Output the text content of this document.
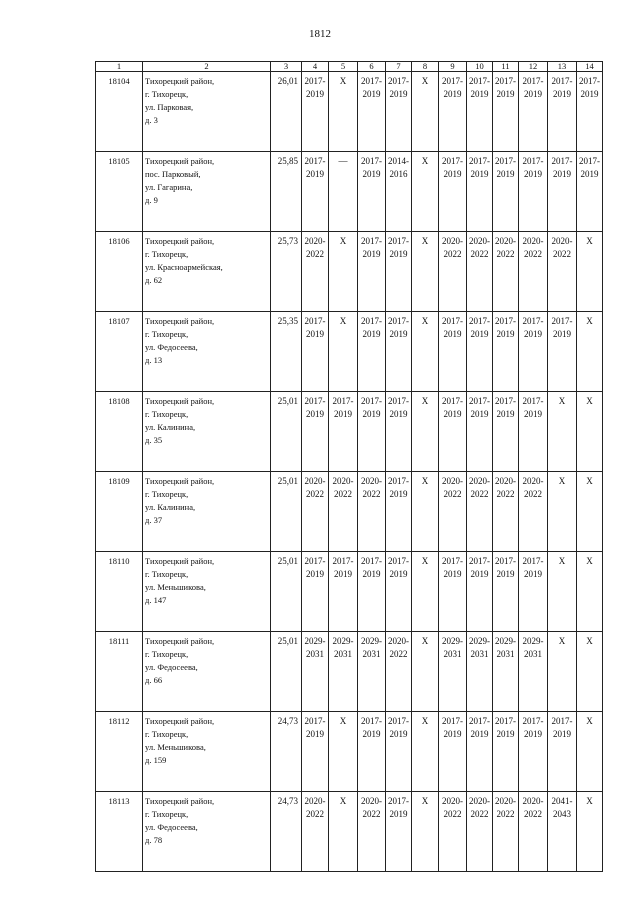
1812
1	2	3	4	5	6	7	8	9	10	11	12	13	14
18104	Тихорецкий район,
г. Тихорецк,
ул. Парковая,
д. 3	26,01	2017-
2019	X	2017-
2019	2017-
2019	X	2017-
2019	2017-
2019	2017-
2019	2017-
2019	2017-
2019	2017-
2019

18105	Тихорецкий район,
пос. Парковый,
ул. Гагарина,
д. 9	25,85	2017-
2019	—	2017-
2019	2014-
2016	X	2017-
2019	2017-
2019	2017-
2019	2017-
2019	2017-
2019	2017-
2019

18106	Тихорецкий район,
г. Тихорецк,
ул. Красноармейская,
д. 62	25,73	2020-
2022	X	2017-
2019	2017-
2019	X	2020-
2022	2020-
2022	2020-
2022	2020-
2022	2020-
2022	X
18107	Тихорецкий район,
г. Тихорецк,
ул. Федосеева,
д. 13	25,35	2017-
2019	X	2017-
2019	2017-
2019	X	2017-
2019	2017-
2019	2017-
2019	2017-
2019	2017-
2019	X
18108	Тихорецкий район,
г. Тихорецк,
ул. Калинина,
д. 35	25,01	2017-
2019	2017-
2019	2017-
2019	2017-
2019	X	2017-
2019	2017-
2019	2017-
2019	2017-
2019	X	X
18109	Тихорецкий район,
г. Тихорецк,
ул. Калинина,
д. 37	25,01	2020-
2022	2020-
2022	2020-
2022	2017-
2019	X	2020-
2022	2020-
2022	2020-
2022	2020-
2022	X	X
18110	Тихорецкий район,
г. Тихорецк,
ул. Меньшикова,
д. 147	25,01	2017-
2019	2017-
2019	2017-
2019	2017-
2019	X	2017-
2019	2017-
2019	2017-
2019	2017-
2019	X	X
18111	Тихорецкий район,
г. Тихорецк,
ул. Федосеева,
д. 66	25,01	2029-
2031	2029-
2031	2029-
2031	2020-
2022	X	2029-
2031	2029-
2031	2029-
2031	2029-
2031	X	X
18112	Тихорецкий район,
г. Тихорецк,
ул. Меньшикова,
д. 159	24,73	2017-
2019	X	2017-
2019	2017-
2019	X	2017-
2019	2017-
2019	2017-
2019	2017-
2019	2017-
2019	X
18113	Тихорецкий район,
г. Тихорецк,
ул. Федосеева,
д. 78	24,73	2020-
2022	X	2020-
2022	2017-
2019	X	2020-
2022	2020-
2022	2020-
2022	2020-
2022	2041-
2043	X
